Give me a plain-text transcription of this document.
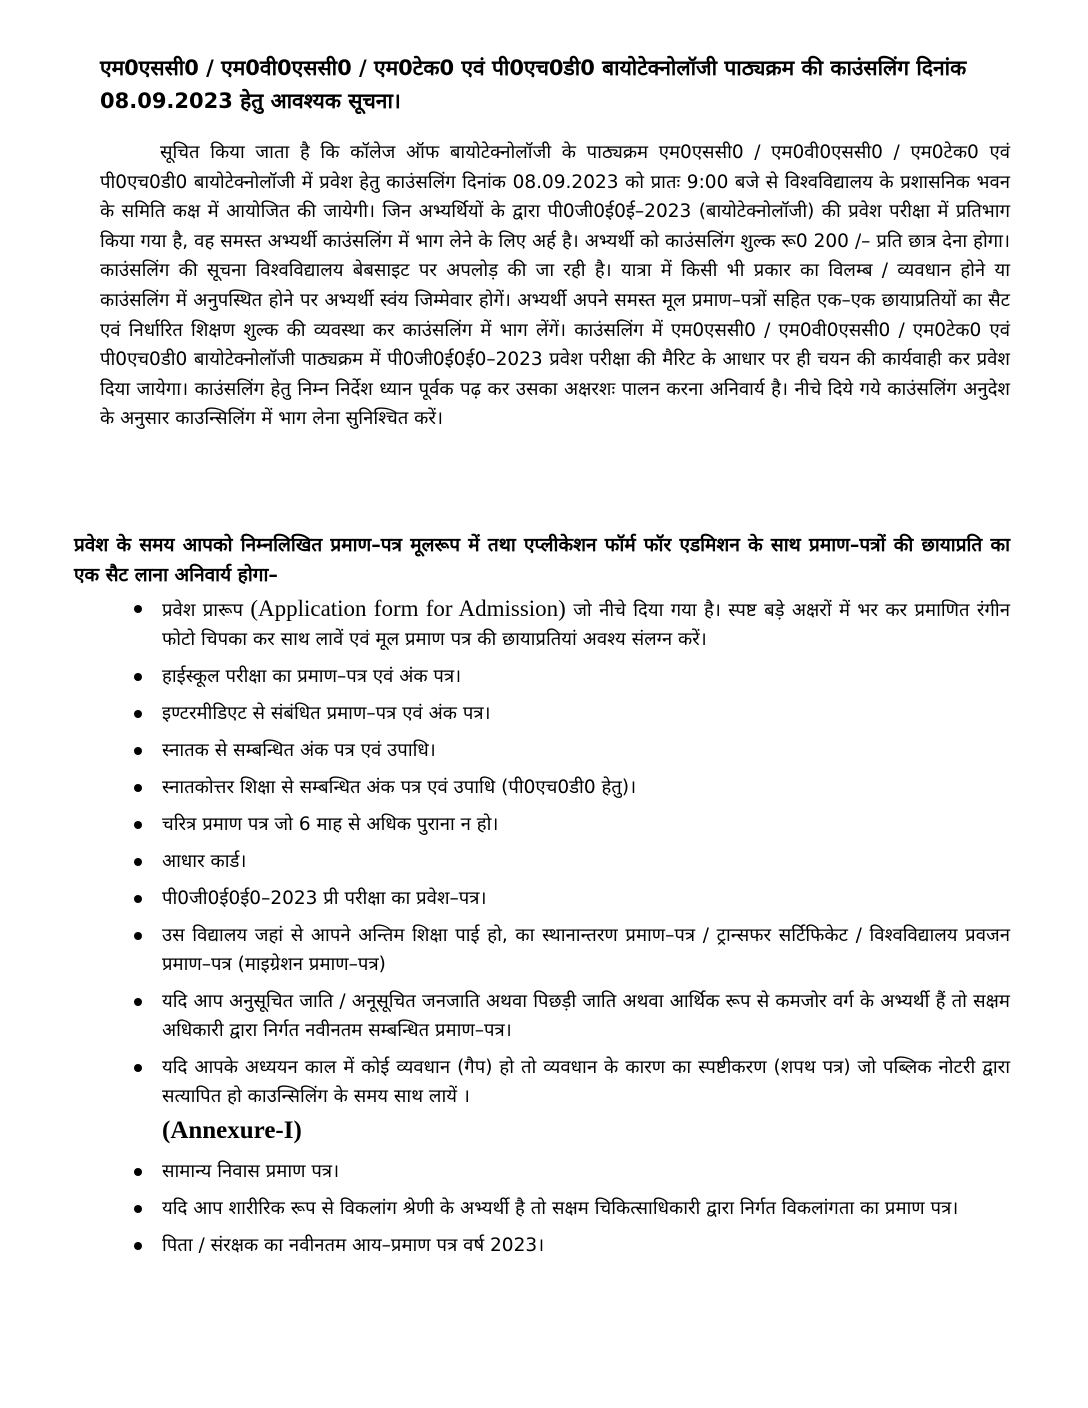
एम0एससी0 / एम0वी0एससी0 / एम0टेक0 एवं पी0एच0डी0 बायोटेक्नोलॉजी पाठ्यक्रम की काउंसलिंग दिनांक 08.09.2023 हेतु आवश्यक सूचना।
सूचित किया जाता है कि कॉलेज ऑफ बायोटेक्नोलॉजी के पाठ्यक्रम एम0एससी0 / एम0वी0एससी0 / एम0टेक0 एवं पी0एच0डी0 बायोटेक्नोलॉजी में प्रवेश हेतु काउंसलिंग दिनांक 08.09.2023 को प्रातः 9:00 बजे से विश्वविद्यालय के प्रशासनिक भवन के समिति कक्ष में आयोजित की जायेगी। जिन अभ्यर्थियों के द्वारा पी0जी0ई0ई–2023 (बायोटेक्नोलॉजी) की प्रवेश परीक्षा में प्रतिभाग किया गया है, वह समस्त अभ्यर्थी काउंसलिंग में भाग लेने के लिए अर्ह है। अभ्यर्थी को काउंसलिंग शुल्क रू0 200 /– प्रति छात्र देना होगा। काउंसलिंग की सूचना विश्वविद्यालय बेबसाइट पर अपलोड़ की जा रही है। यात्रा में किसी भी प्रकार का विलम्ब / व्यवधान होने या काउंसलिंग में अनुपस्थित होने पर अभ्यर्थी स्वंय जिम्मेवार होगें। अभ्यर्थी अपने समस्त मूल प्रमाण–पत्रों सहित एक–एक छायाप्रतियों का सैट एवं निर्धारित शिक्षण शुल्क की व्यवस्था कर काउंसलिंग में भाग लेंगें। काउंसलिंग में एम0एससी0 / एम0वी0एससी0 / एम0टेक0 एवं पी0एच0डी0 बायोटेक्नोलॉजी पाठ्यक्रम में पी0जी0ई0ई0–2023 प्रवेश परीक्षा की मैरिट के आधार पर ही चयन की कार्यवाही कर प्रवेश दिया जायेगा। काउंसलिंग हेतु निम्न निर्देश ध्यान पूर्वक पढ़ कर उसका अक्षरशः पालन करना अनिवार्य है। नीचे दिये गये काउंसलिंग अनुदेश के अनुसार काउन्सिलिंग में भाग लेना सुनिश्चित करें।
प्रवेश के समय आपको निम्नलिखित प्रमाण–पत्र मूलरूप में तथा एप्लीकेशन फॉर्म फॉर एडमिशन के साथ प्रमाण–पत्रों की छायाप्रति का एक सैट लाना अनिवार्य होगा–
प्रवेश प्रारूप (Application form for Admission) जो नीचे दिया गया है। स्पष्ट बड़े अक्षरों में भर कर प्रमाणित रंगीन फोटो चिपका कर साथ लावें एवं मूल प्रमाण पत्र की छायाप्रतियां अवश्य संलग्न करें।
हाईस्कूल परीक्षा का प्रमाण–पत्र एवं अंक पत्र।
इण्टरमीडिएट से संबंधित प्रमाण–पत्र एवं अंक पत्र।
स्नातक से सम्बन्धित अंक पत्र एवं उपाधि।
स्नातकोत्तर शिक्षा से सम्बन्धित अंक पत्र एवं उपाधि (पी0एच0डी0 हेतु)।
चरित्र प्रमाण पत्र जो 6 माह से अधिक पुराना न हो।
आधार कार्ड।
पी0जी0ई0ई0–2023 प्री परीक्षा का प्रवेश–पत्र।
उस विद्यालय जहां से आपने अन्तिम शिक्षा पाई हो, का स्थानान्तरण प्रमाण–पत्र / ट्रान्सफर सर्टिफिकेट / विश्वविद्यालय प्रवजन प्रमाण–पत्र (माइग्रेशन प्रमाण–पत्र)
यदि आप अनुसूचित जाति / अनूसूचित जनजाति अथवा पिछड़ी जाति अथवा आर्थिक रूप से कमजोर वर्ग के अभ्यर्थी हैं तो सक्षम अधिकारी द्वारा निर्गत नवीनतम सम्बन्धित प्रमाण–पत्र।
यदि आपके अध्ययन काल में कोई व्यवधान (गैप) हो तो व्यवधान के कारण का स्पष्टीकरण (शपथ पत्र) जो पब्लिक नोटरी द्वारा सत्यापित हो काउन्सिलिंग के समय साथ लायें ।
(Annexure-I)
सामान्य निवास प्रमाण पत्र।
यदि आप शारीरिक रूप से विकलांग श्रेणी के अभ्यर्थी है तो सक्षम चिकित्साधिकारी द्वारा निर्गत विकलांगता का प्रमाण पत्र।
पिता / संरक्षक का नवीनतम आय–प्रमाण पत्र वर्ष 2023।
